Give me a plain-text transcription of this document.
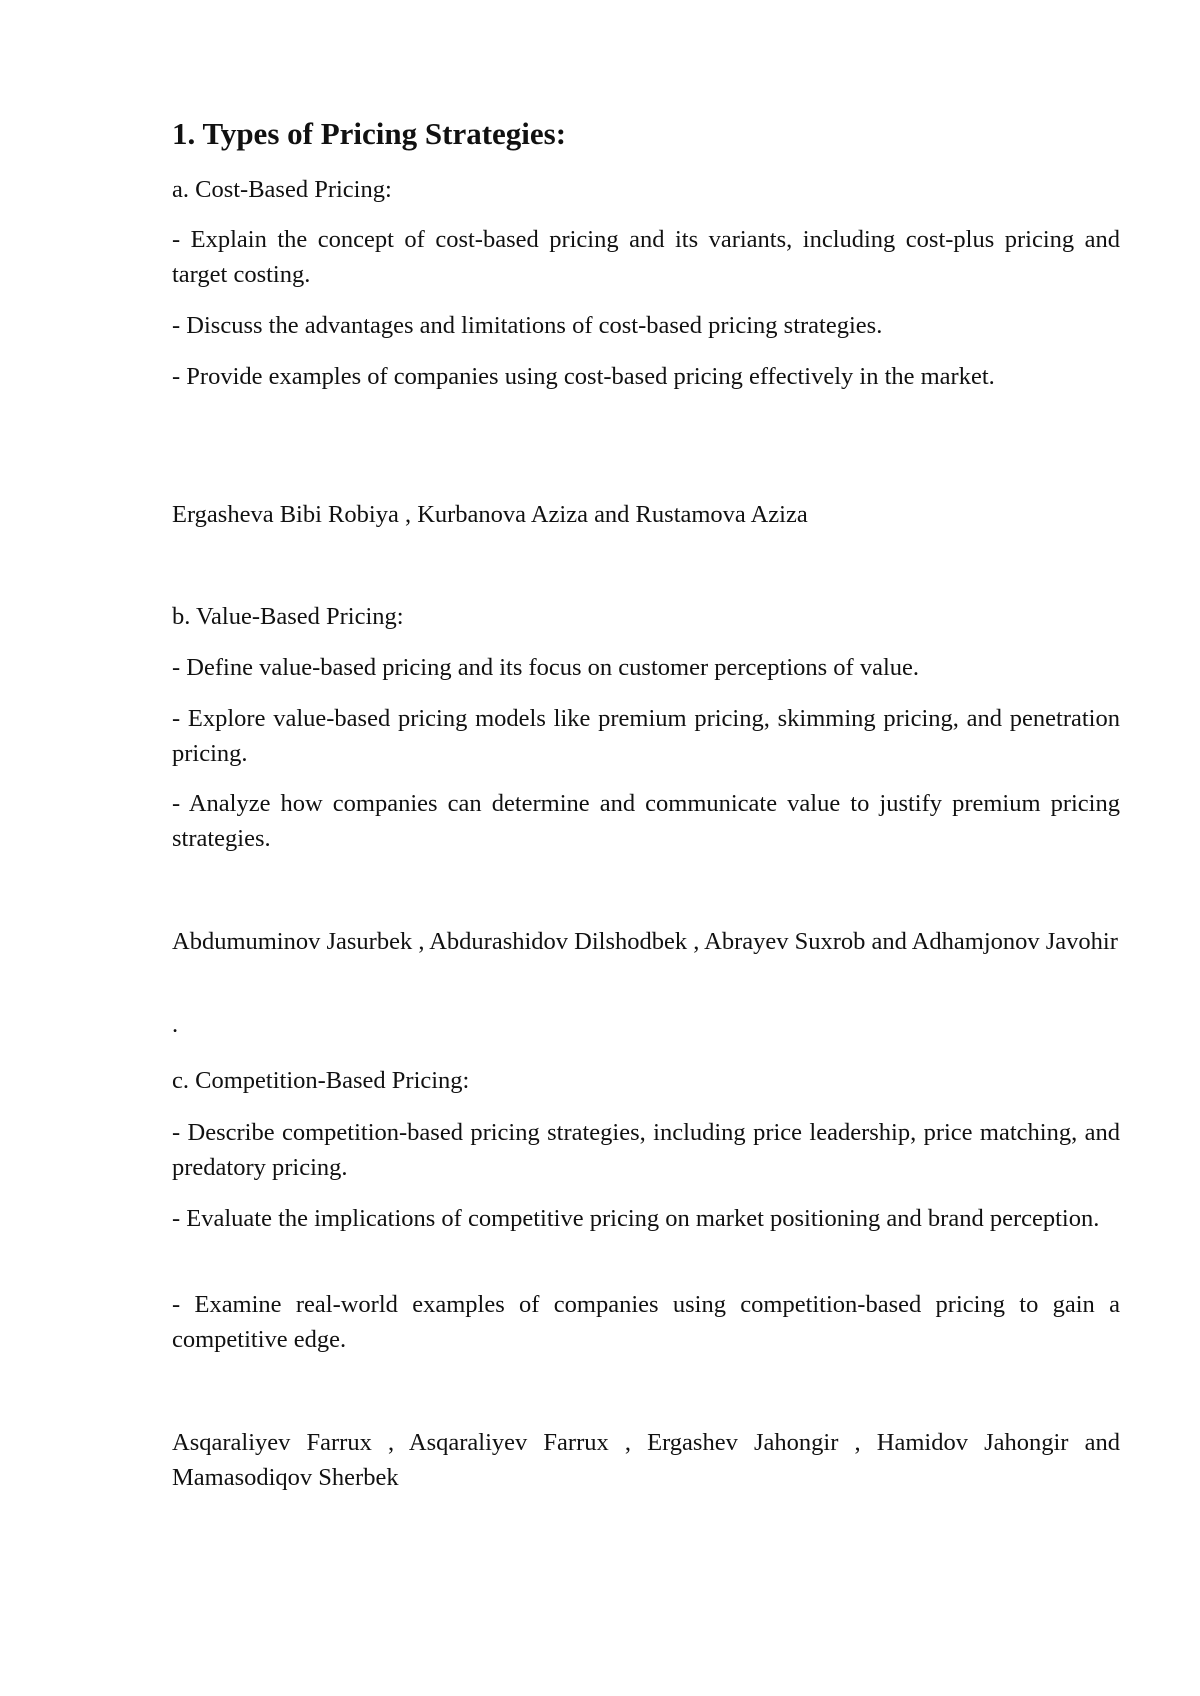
1. Types of Pricing Strategies:

a. Cost-Based Pricing:

- Explain the concept of cost-based pricing and its variants, including cost-plus pricing and target costing.

- Discuss the advantages and limitations of cost-based pricing strategies.

- Provide examples of companies using cost-based pricing effectively in the market.

Ergasheva Bibi Robiya , Kurbanova Aziza and Rustamova Aziza

b. Value-Based Pricing:

- Define value-based pricing and its focus on customer perceptions of value.

- Explore value-based pricing models like premium pricing, skimming pricing, and penetration pricing.

- Analyze how companies can determine and communicate value to justify premium pricing strategies.

Abdumuminov Jasurbek , Abdurashidov Dilshodbek , Abrayev Suxrob and Adhamjonov Javohir

.

c. Competition-Based Pricing:

- Describe competition-based pricing strategies, including price leadership, price matching, and predatory pricing.

- Evaluate the implications of competitive pricing on market positioning and brand perception.

- Examine real-world examples of companies using competition-based pricing to gain a competitive edge.

Asqaraliyev Farrux , Asqaraliyev Farrux , Ergashev Jahongir , Hamidov Jahongir and Mamasodiqov Sherbek
